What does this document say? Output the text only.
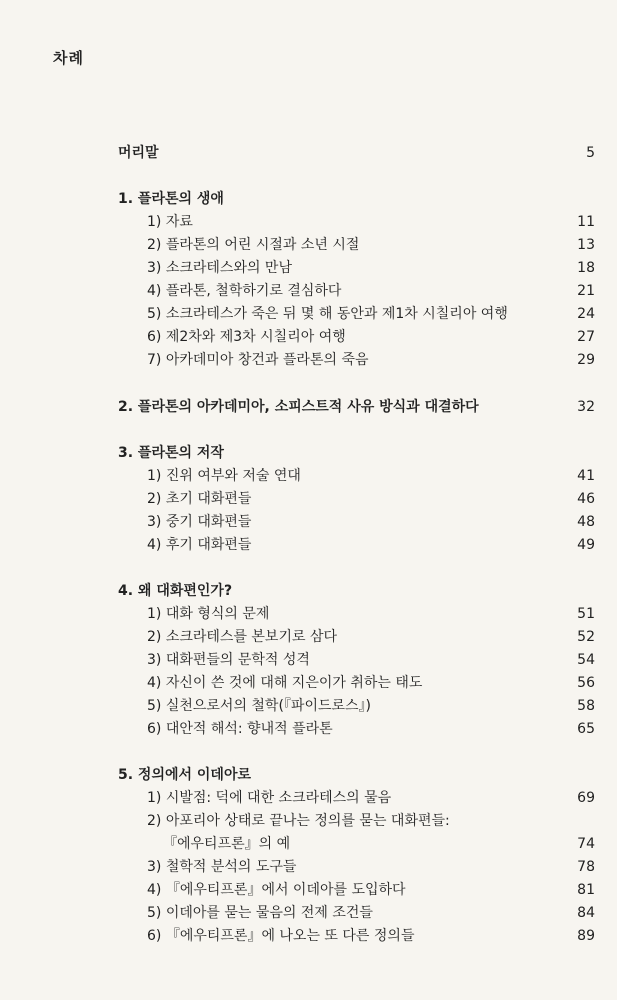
차례
머리말	5
1. 플라톤의 생애
1) 자료	11
2) 플라톤의 어린 시절과 소년 시절	13
3) 소크라테스와의 만남	18
4) 플라톤, 철학하기로 결심하다	21
5) 소크라테스가 죽은 뒤 몇 해 동안과 제1차 시칠리아 여행	24
6) 제2차와 제3차 시칠리아 여행	27
7) 아카데미아 창건과 플라톤의 죽음	29
2. 플라톤의 아카데미아, 소피스트적 사유 방식과 대결하다	32
3. 플라톤의 저작
1) 진위 여부와 저술 연대	41
2) 초기 대화편들	46
3) 중기 대화편들	48
4) 후기 대화편들	49
4. 왜 대화편인가?
1) 대화 형식의 문제	51
2) 소크라테스를 본보기로 삼다	52
3) 대화편들의 문학적 성격	54
4) 자신이 쓴 것에 대해 지은이가 취하는 태도	56
5) 실천으로서의 철학(『파이드로스』)	58
6) 대안적 해석: 향내적 플라톤	65
5. 정의에서 이데아로
1) 시발점: 덕에 대한 소크라테스의 물음	69
2) 아포리아 상태로 끝나는 정의를 묻는 대화편들:
『에우티프론』의 예	74
3) 철학적 분석의 도구들	78
4) 『에우티프론』에서 이데아를 도입하다	81
5) 이데아를 묻는 물음의 전제 조건들	84
6) 『에우티프론』에 나오는 또 다른 정의들	89
